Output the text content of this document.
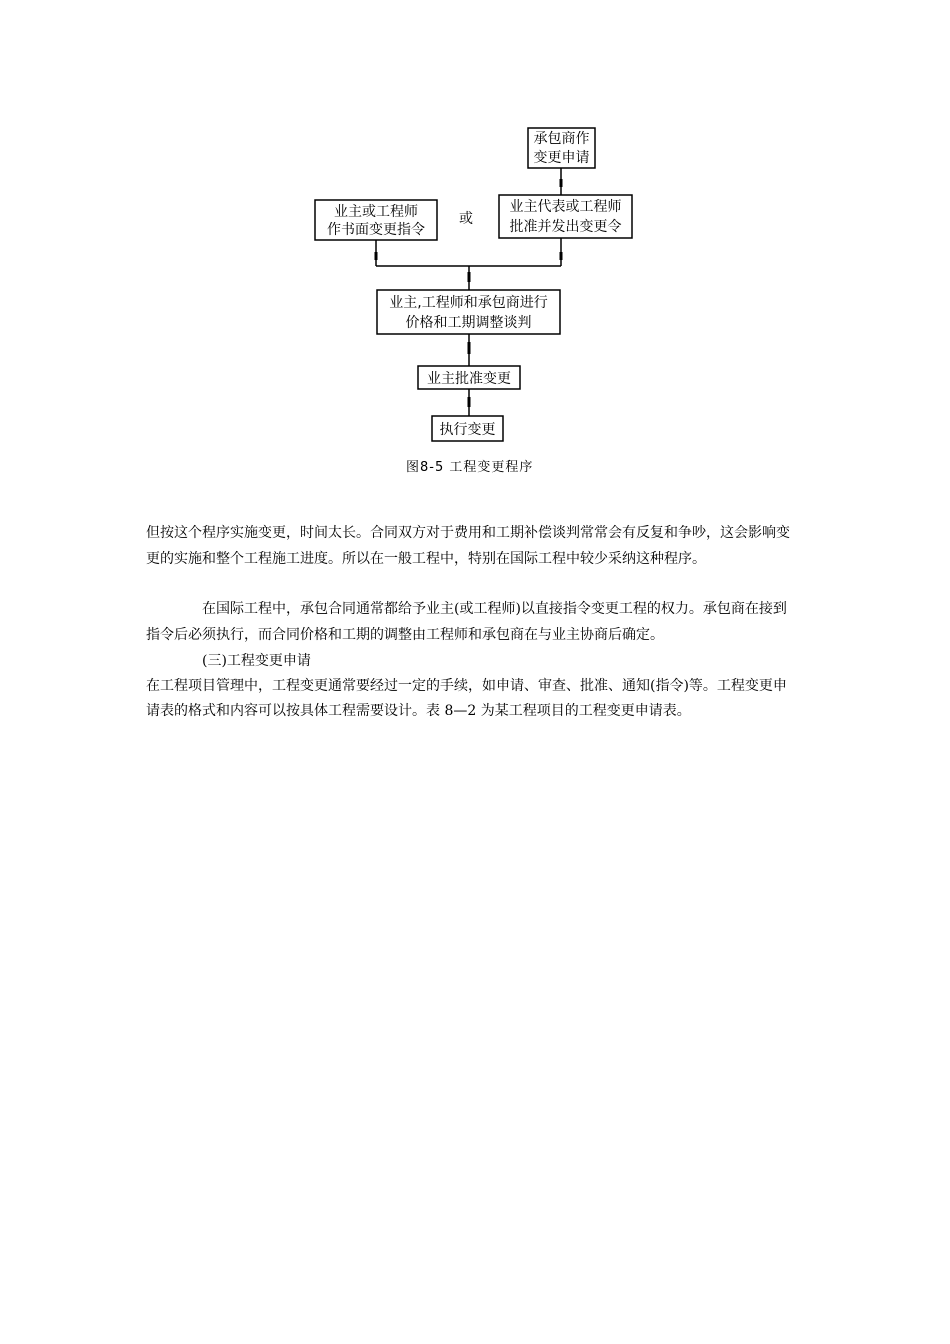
承包商作
变更申请
业主或工程师
作书面变更指令
或
业主代表或工程师
批准并发出变更令
业主,工程师和承包商进行
价格和工期调整谈判
业主批准变更
执行变更
图8-5 工程变更程序
但按这个程序实施变更，时间太长。合同双方对于费用和工期补偿谈判常常会有反复和争吵，这会影响变
更的实施和整个工程施工进度。所以在一般工程中，特别在国际工程中较少采纳这种程序。
在国际工程中，承包合同通常都给予业主(或工程师)以直接指令变更工程的权力。承包商在接到
指令后必须执行，而合同价格和工期的调整由工程师和承包商在与业主协商后确定。
(三)工程变更申请
在工程项目管理中，工程变更通常要经过一定的手续，如申请、审查、批准、通知(指令)等。工程变更申
请表的格式和内容可以按具体工程需要设计。表 8—2 为某工程项目的工程变更申请表。
